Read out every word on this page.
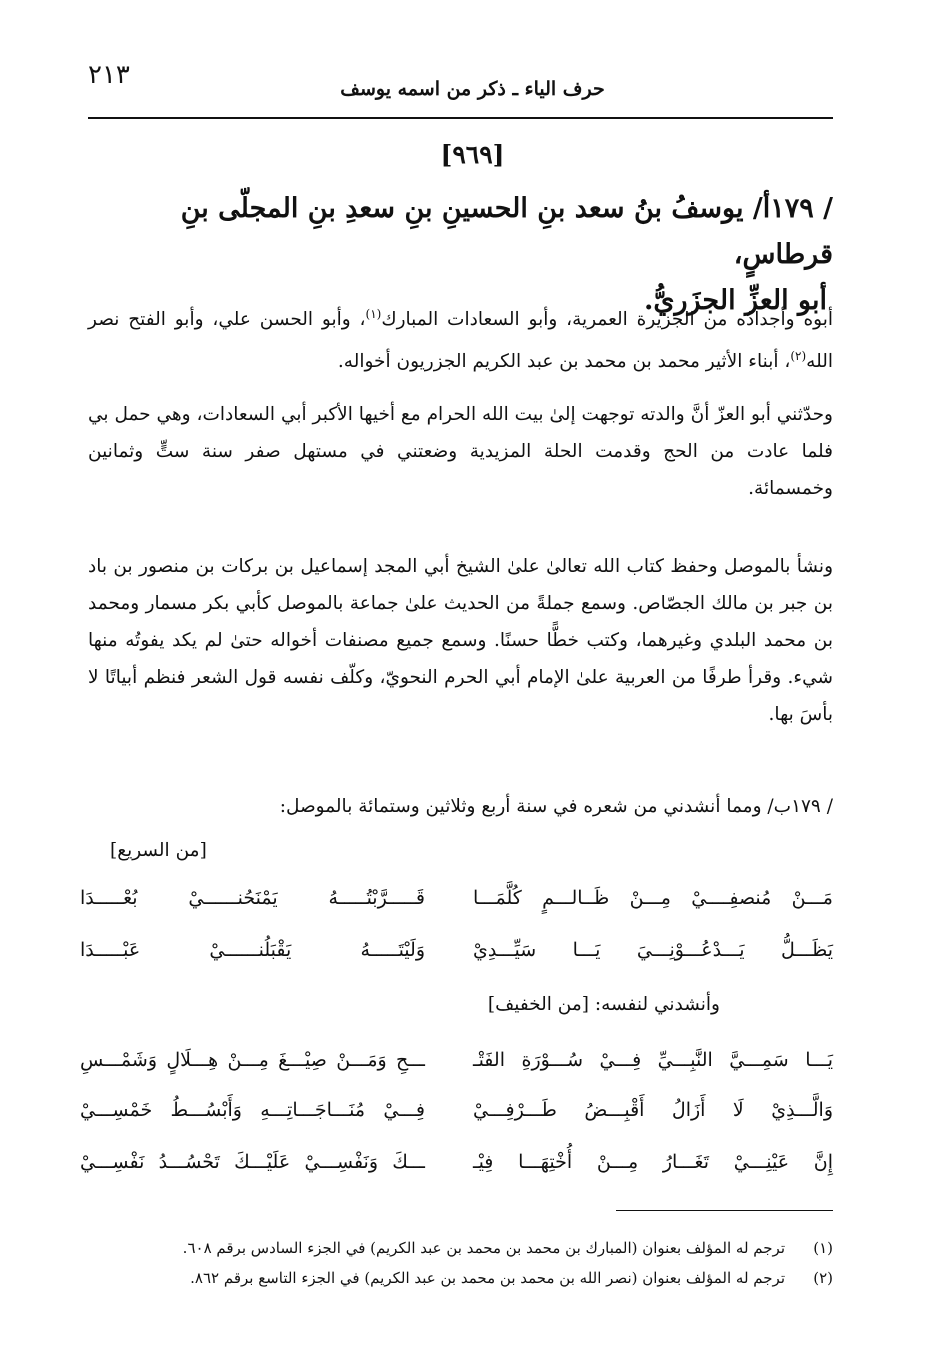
٢١٣	حرف الياء ـ ذكر من اسمه يوسف
[٩٦٩]
/ ١٧٩أ/ يوسفُ بنُ سعد بنِ الحسينِ بنِ سعدِ بنِ المجلّى بنِ قرطاسٍ،
أبو العزِّ الجزَريُّ.
أبوه وأجدادُه من الجزيرة العمرية، وأبو السعادات المبارك$^{(١)}$، وأبو الحسن علي، وأبو الفتح نصر الله$^{(٢)}$، أبناء الأثير محمد بن محمد بن عبد الكريم الجزريون أخواله.
وحدّثني أبو العزّ أنَّ والدته توجهت إلىٰ بيت الله الحرام مع أخيها الأكبر أبي السعادات، وهي حمل بي فلما عادت من الحج وقدمت الحلة المزيدية وضعتني في مستهل صفر سنة ستٍّ وثمانين وخمسمائة.
ونشأ بالموصل وحفظ كتاب الله تعالىٰ علىٰ الشيخ أبي المجد إسماعيل بن بركات بن منصور بن باد بن جبر بن مالك الجصّاص. وسمع جملةً من الحديث علىٰ جماعة بالموصل كأبي بكر مسمار ومحمد بن محمد البلدي وغيرهما، وكتب خطًّا حسنًا. وسمع جميع مصنفات أخواله حتىٰ لم يكد يفوتُه منها شيء. وقرأ طرفًا من العربية علىٰ الإمام أبي الحرم النحويّ، وكلّف نفسه قول الشعر فنظم أبياتًا لا بأسَ بها.
/ ١٧٩ب/ ومما أنشدني من شعره في سنة أربع وثلاثين وستمائة بالموصل:
[من السريع]
مَـــنْ مُنصفِــــيْ مِـــنْ ظَــالـــمٍ كُلَّمَـــا
قَـــــرَّبْتُـــــهُ يَمْنَحُنــــــيْ بُعْـــــدَا
يَظَـــلُّ يَـــدْعُـــوْنِـــيَ يَـــا سَيِّـــدِيْ
وَلَيْتَـــــهُ يَقْبَلُنــــــيْ عَبْـــــدَا
وأنشدني لنفسه: [من الخفيف]
يَـــا سَمِـــيَّ النَّبِـــيِّ فِـــيْ سُـــوْرَةِ الفَتْـ
ـــحِ وَمَـــنْ صِيْـــغَ مِـــنْ هِـــلَالٍ وَشَمْـــسِ
وَالَّـــذِيْ لَا أَزَالُ أَقْبِـــضُ طَـــرْفِـــيْ
فِـــيْ مُنَـــاجَـــاتِـــهِ وَأَبْسُـــطُ خَمْسِـــيْ
إِنَّ عَيْنِـــيْ تَغَـــارُ مِـــنْ أُخْتِهَـــا فِيْـ
ـــكَ وَنَفْسِـــيْ عَلَيْـــكَ تَحْسُـــدُ نَفْسِـــيْ
(١)
ترجم له المؤلف بعنوان (المبارك بن محمد بن محمد بن عبد الكريم) في الجزء السادس برقم ٦٠٨.
(٢)
ترجم له المؤلف بعنوان (نصر الله بن محمد بن محمد بن عبد الكريم) في الجزء التاسع برقم ٨٦٢.
